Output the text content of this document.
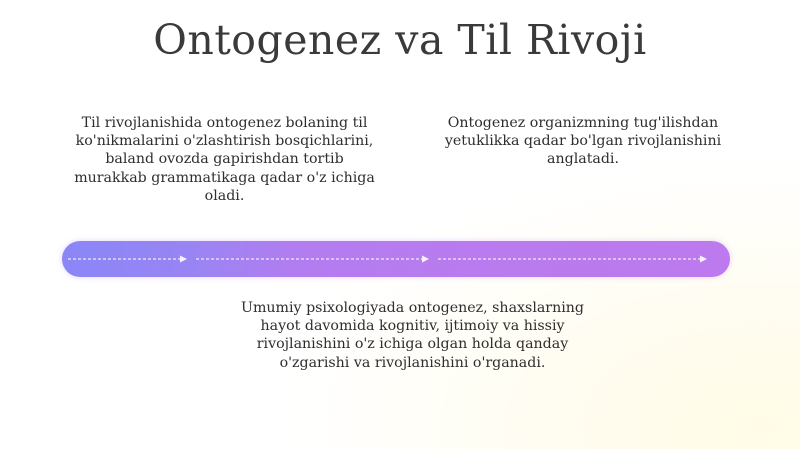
Ontogenez va Til Rivoji
Til rivojlanishida ontogenez bolaning til ko'nikmalarini o'zlashtirish bosqichlarini, baland ovozda gapirishdan tortib murakkab grammatikaga qadar o'z ichiga oladi.
Ontogenez organizmning tug'ilishdan yetuklikka qadar bo'lgan rivojlanishini anglatadi.
Umumiy psixologiyada ontogenez, shaxslarning hayot davomida kognitiv, ijtimoiy va hissiy rivojlanishini o'z ichiga olgan holda qanday o'zgarishi va rivojlanishini o'rganadi.
